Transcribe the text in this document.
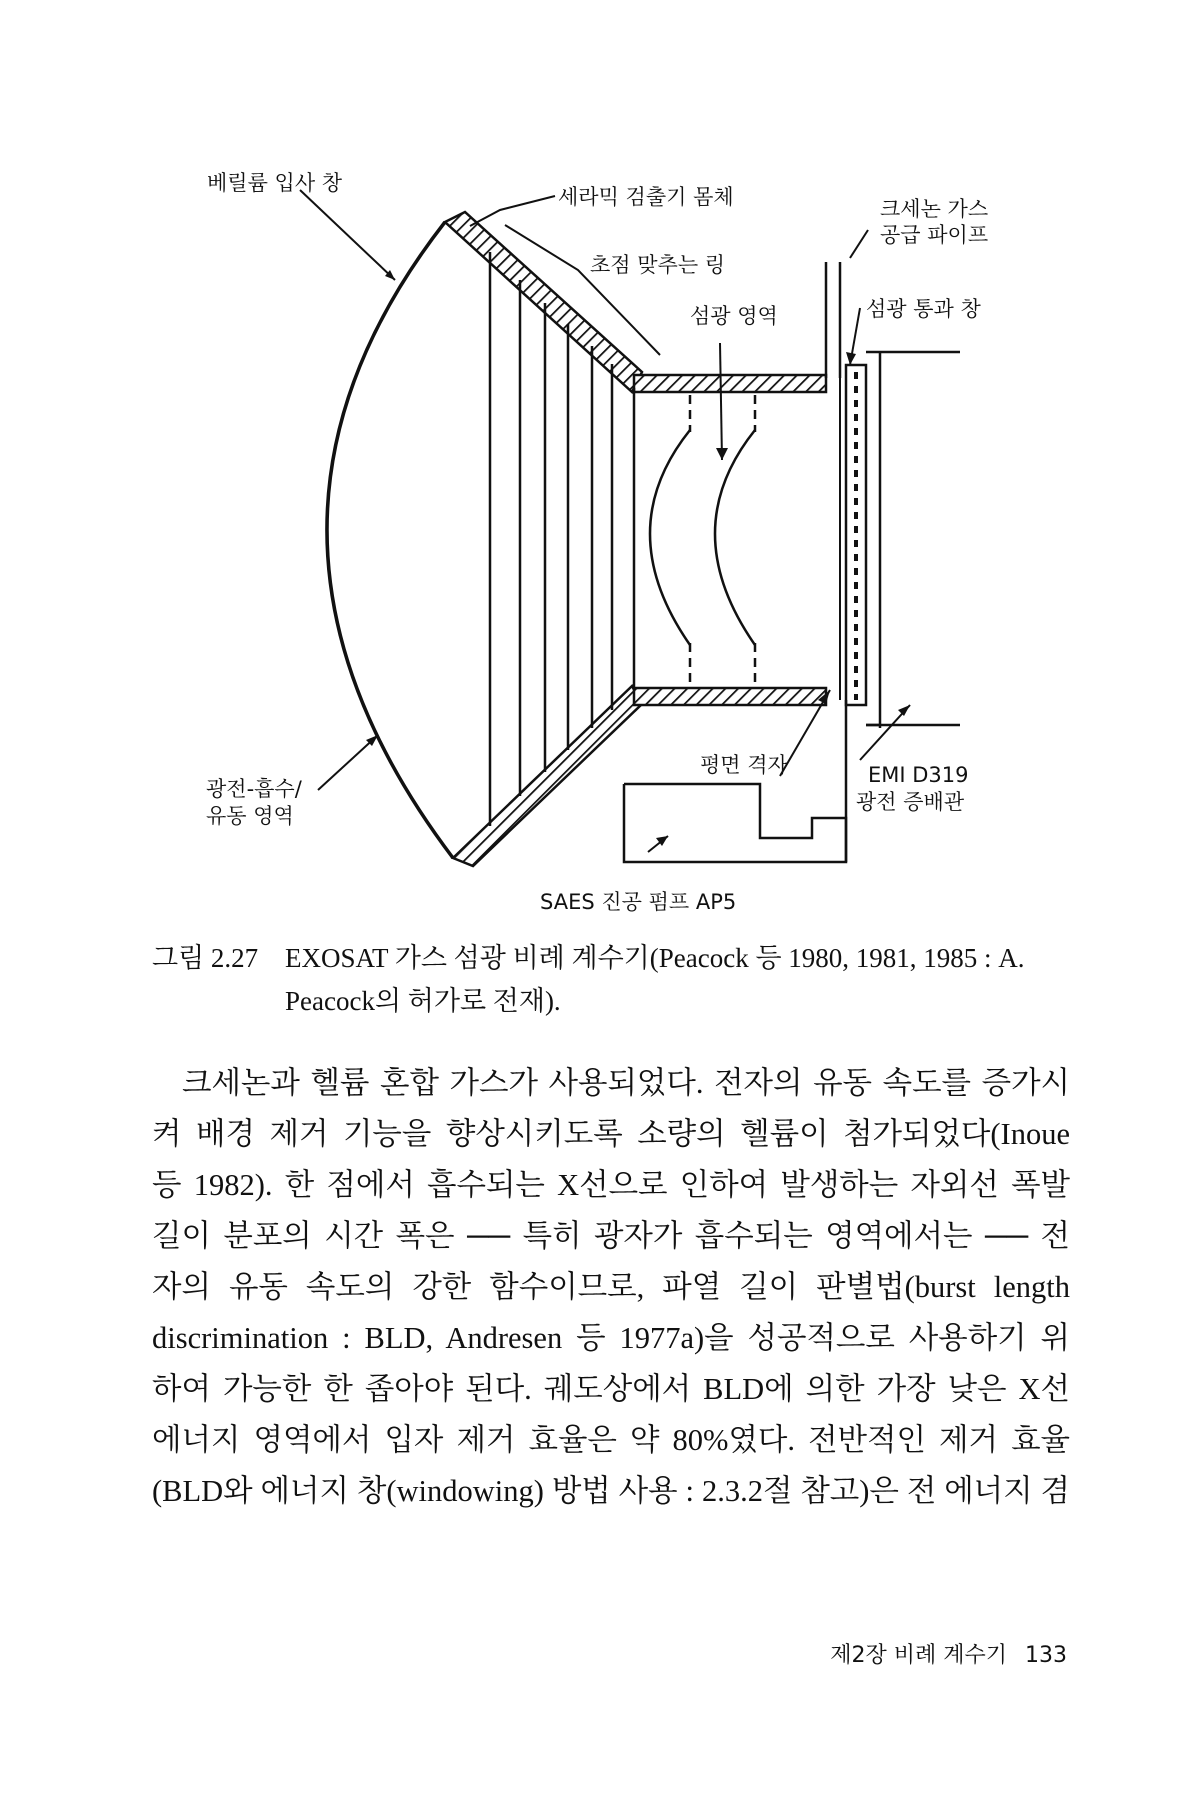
베릴륨 입사 창
세라믹 검출기 몸체	크세논 가스
공급 파이프
초점 맞추는 링
섬광 영역	섬광 통과 창
광전-흡수/
유동 영역
평면 격자	EMI D319
광전 증배관
SAES 진공 펌프 AP5
그림 2.27 EXOSAT 가스 섬광 비례 계수기(Peacock 등 1980, 1981, 1985 : A. Peacock의 허가로 전재).

크세논과 헬륨 혼합 가스가 사용되었다. 전자의 유동 속도를 증가시

켜 배경 제거 기능을 향상시키도록 소량의 헬륨이 첨가되었다(Inoue

등 1982). 한 점에서 흡수되는 X선으로 인하여 발생하는 자외선 폭발

길이 분포의 시간 폭은 ── 특히 광자가 흡수되는 영역에서는 ── 전

자의 유동 속도의 강한 함수이므로, 파열 길이 판별법(burst length

discrimination : BLD, Andresen 등 1977a)을 성공적으로 사용하기 위

하여 가능한 한 좁아야 된다. 궤도상에서 BLD에 의한 가장 낮은 X선

에너지 영역에서 입자 제거 효율은 약 80%였다. 전반적인 제거 효율

(BLD와 에너지 창(windowing) 방법 사용 : 2.3.2절 참고)은 전 에너지 겸

제2장 비례 계수기 133
